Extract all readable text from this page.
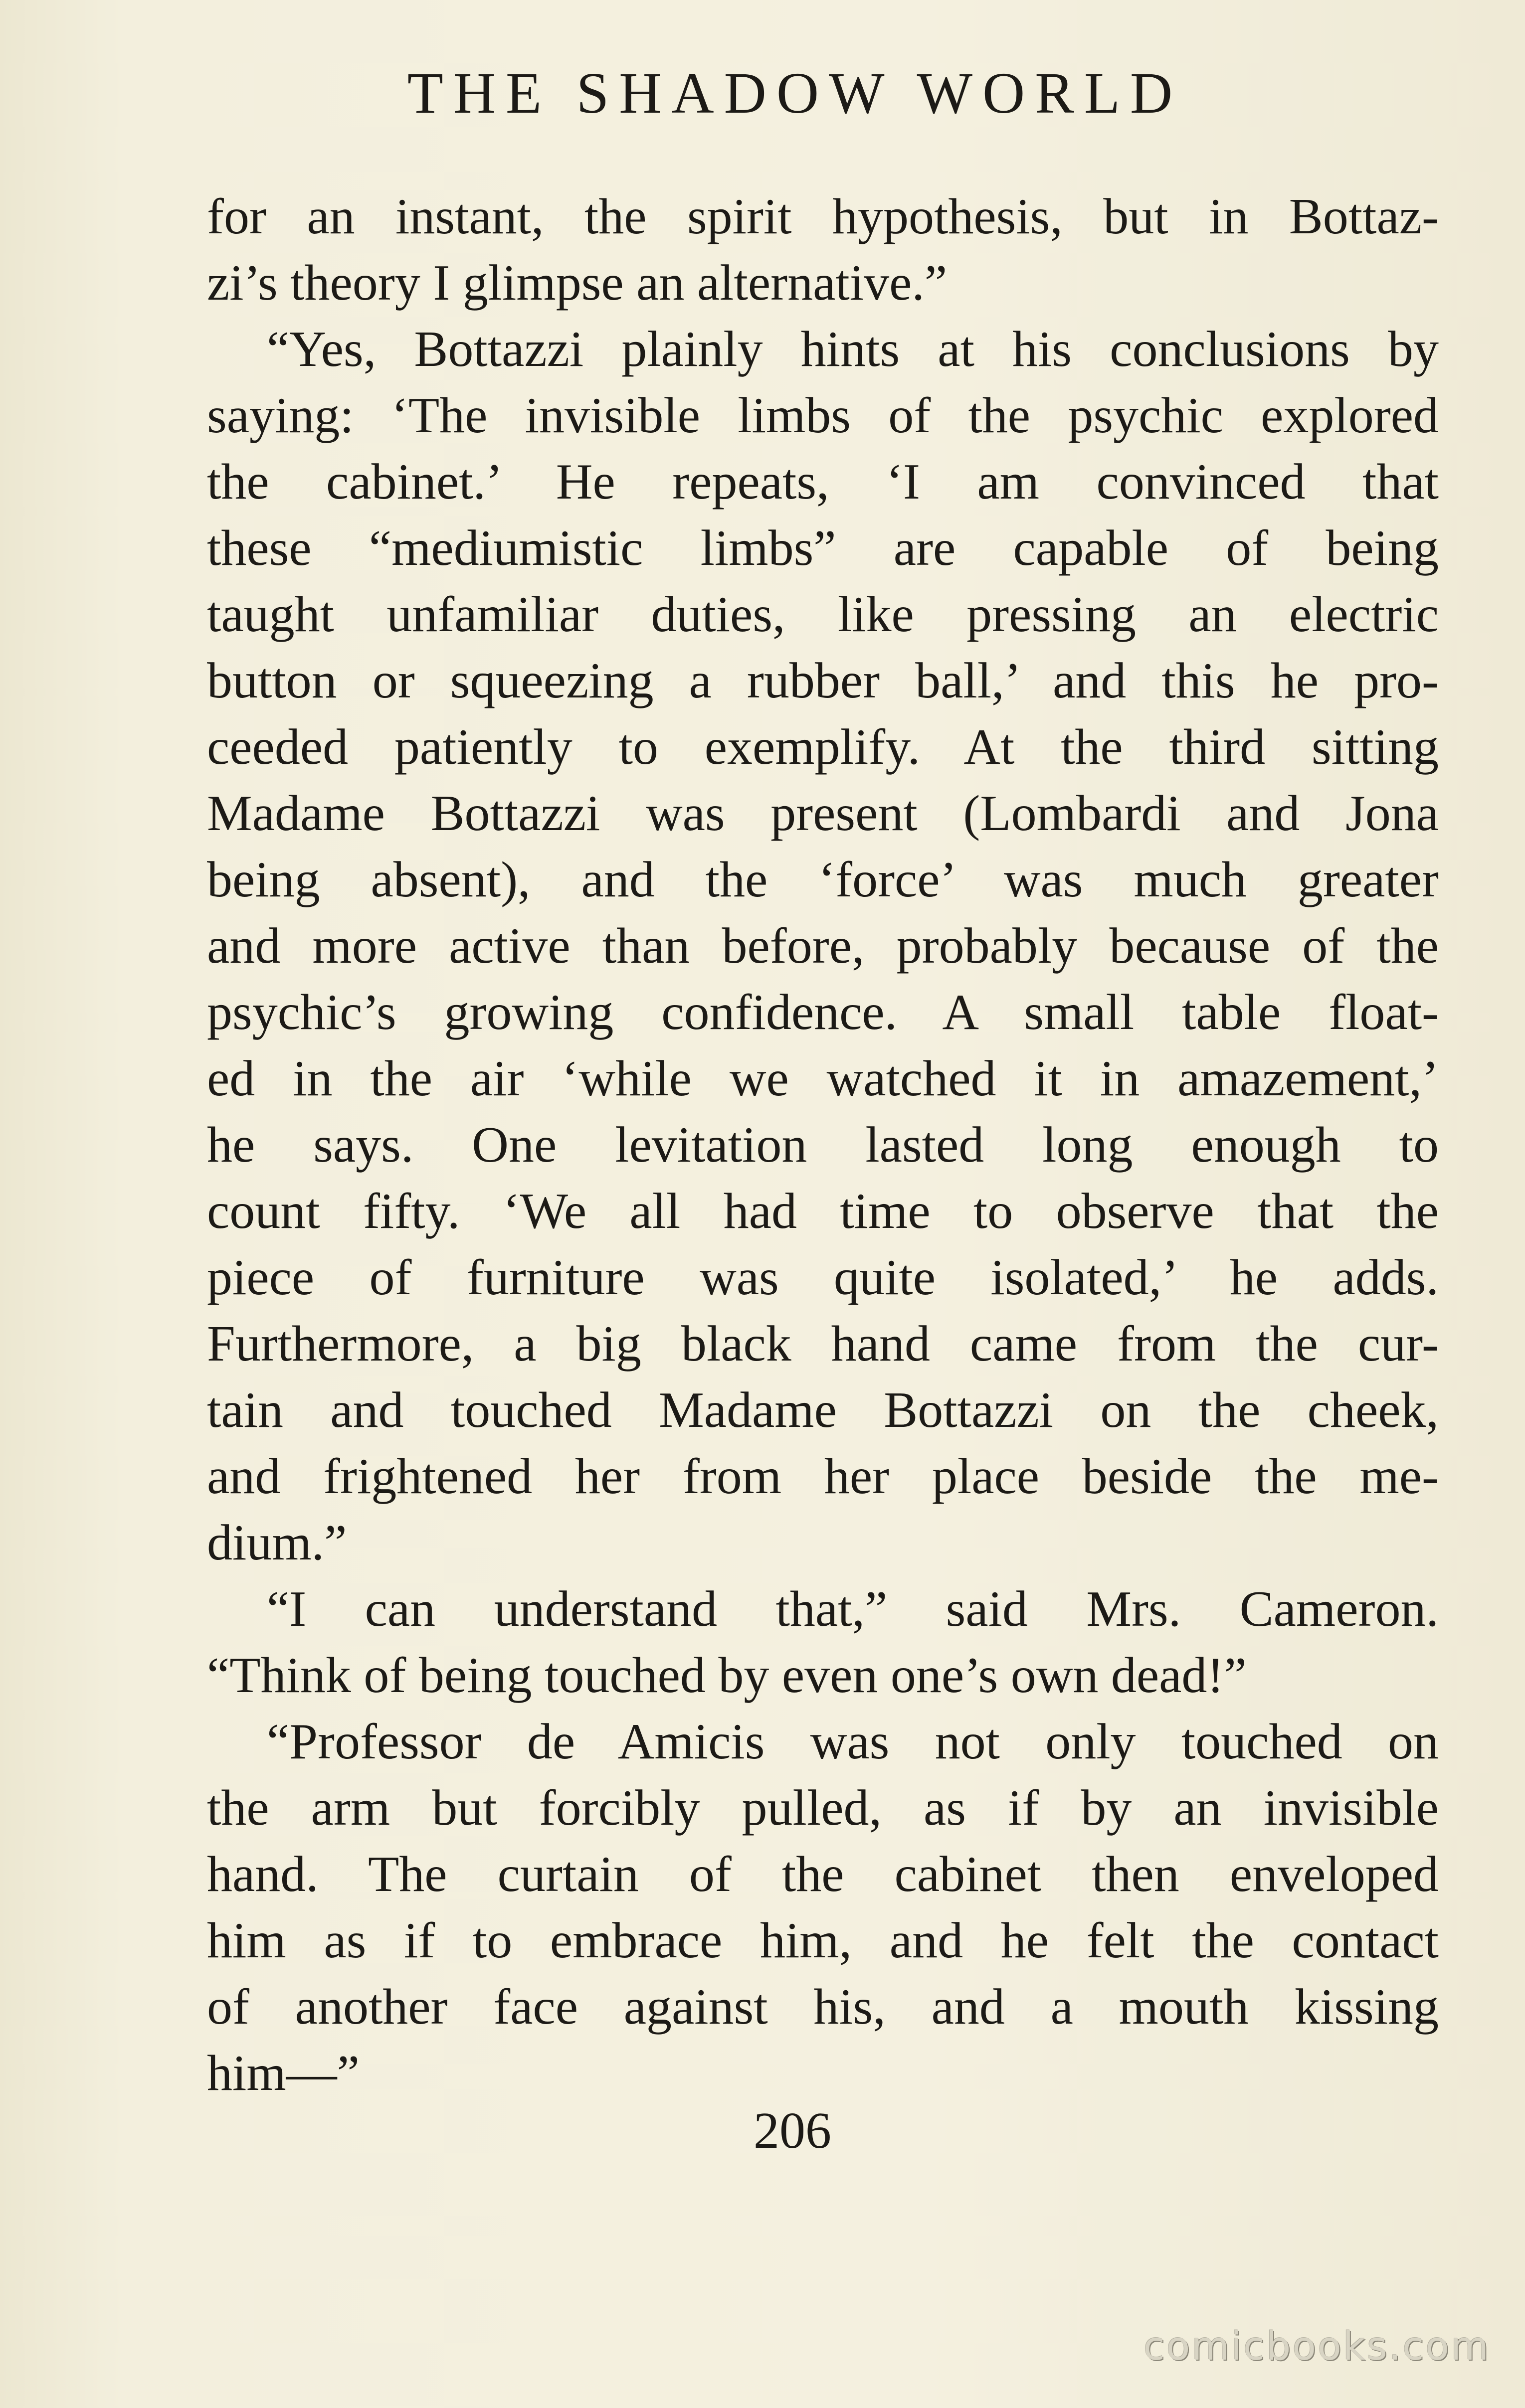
THE SHADOW WORLD
for an instant, the spirit hypothesis, but in Bottaz-
zi’s theory I glimpse an alternative.”
“Yes, Bottazzi plainly hints at his conclusions by
saying: ‘The invisible limbs of the psychic explored
the cabinet.’ He repeats, ‘I am convinced that
these “mediumistic limbs” are capable of being
taught unfamiliar duties, like pressing an electric
button or squeezing a rubber ball,’ and this he pro-
ceeded patiently to exemplify. At the third sitting
Madame Bottazzi was present (Lombardi and Jona
being absent), and the ‘force’ was much greater
and more active than before, probably because of the
psychic’s growing confidence. A small table float-
ed in the air ‘while we watched it in amazement,’
he says. One levitation lasted long enough to
count fifty. ‘We all had time to observe that the
piece of furniture was quite isolated,’ he adds.
Furthermore, a big black hand came from the cur-
tain and touched Madame Bottazzi on the cheek,
and frightened her from her place beside the me-
dium.”
“I can understand that,” said Mrs. Cameron.
“Think of being touched by even one’s own dead!”
“Professor de Amicis was not only touched on
the arm but forcibly pulled, as if by an invisible
hand. The curtain of the cabinet then enveloped
him as if to embrace him, and he felt the contact
of another face against his, and a mouth kissing
him—”
206
comicbooks.com
